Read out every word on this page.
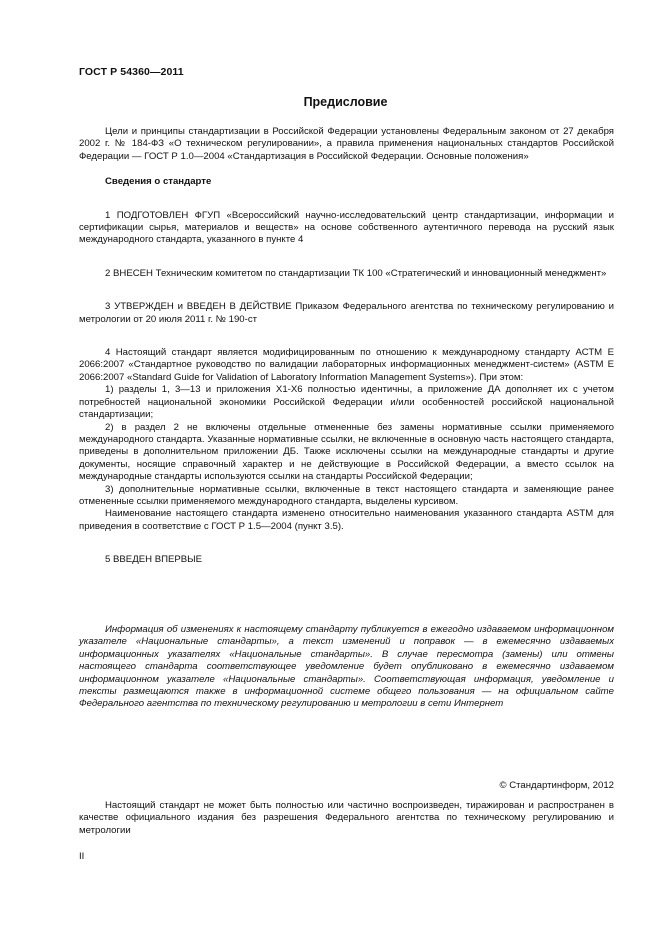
ГОСТ Р 54360—2011
Предисловие

Цели и принципы стандартизации в Российской Федерации установлены Федеральным законом от 27 декабря 2002 г. № 184-ФЗ «О техническом регулировании», а правила применения национальных стандартов Российской Федерации — ГОСТ Р 1.0—2004 «Стандартизация в Российской Федерации. Основные положения»

Сведения о стандарте

1 ПОДГОТОВЛЕН ФГУП «Всероссийский научно-исследовательский центр стандартизации, информации и сертификации сырья, материалов и веществ» на основе собственного аутентичного перевода на русский язык международного стандарта, указанного в пункте 4

2 ВНЕСЕН Техническим комитетом по стандартизации ТК 100 «Стратегический и инновационный менеджмент»

3 УТВЕРЖДЕН и ВВЕДЕН В ДЕЙСТВИЕ Приказом Федерального агентства по техническому регулированию и метрологии от 20 июля 2011 г. № 190-ст

4 Настоящий стандарт является модифицированным по отношению к международному стандарту АСТМ Е 2066:2007 «Стандартное руководство по валидации лабораторных информационных менеджмент-систем» (ASTM E 2066:2007 «Standard Guide for Validation of Laboratory Information Management Systems»). При этом:

1) разделы 1, 3—13 и приложения Х1-Х6 полностью идентичны, а приложение ДА дополняет их с учетом потребностей национальной экономики Российской Федерации и/или особенностей российской национальной стандартизации;

2) в раздел 2 не включены отдельные отмененные без замены нормативные ссылки применяемого международного стандарта. Указанные нормативные ссылки, не включенные в основную часть настоящего стандарта, приведены в дополнительном приложении ДБ. Также исключены ссылки на международные стандарты и другие документы, носящие справочный характер и не действующие в Российской Федерации, а вместо ссылок на международные стандарты используются ссылки на стандарты Российской Федерации;

3) дополнительные нормативные ссылки, включенные в текст настоящего стандарта и заменяющие ранее отмененные ссылки применяемого международного стандарта, выделены курсивом.

Наименование настоящего стандарта изменено относительно наименования указанного стандарта ASTM для приведения в соответствие с ГОСТ Р 1.5—2004 (пункт 3.5).

5 ВВЕДЕН ВПЕРВЫЕ

Информация об изменениях к настоящему стандарту публикуется в ежегодно издаваемом информационном указателе «Национальные стандарты», а текст изменений и поправок — в ежемесячно издаваемых информационных указателях «Национальные стандарты». В случае пересмотра (замены) или отмены настоящего стандарта соответствующее уведомление будет опубликовано в ежемесячно издаваемом информационном указателе «Национальные стандарты». Соответствующая информация, уведомление и тексты размещаются также в информационной системе общего пользования — на официальном сайте Федерального агентства по техническому регулированию и метрологии в сети Интернет

© Стандартинформ, 2012

Настоящий стандарт не может быть полностью или частично воспроизведен, тиражирован и распространен в качестве официального издания без разрешения Федерального агентства по техническому регулированию и метрологии

II
